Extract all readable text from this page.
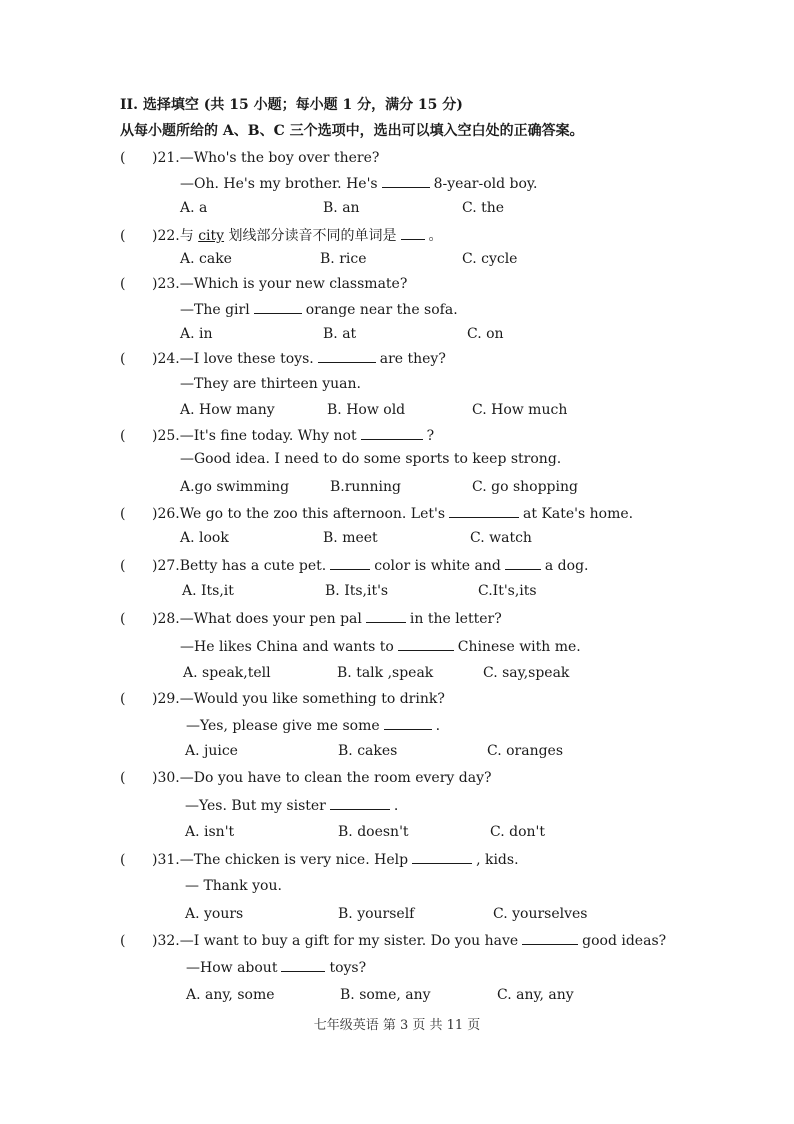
II. 选择填空 (共 15 小题；每小题 1 分，满分 15 分)
从每小题所给的 A、B、C 三个选项中，选出可以填入空白处的正确答案。
( )21.—Who's the boy over there?
—Oh. He's my brother. He's	8-year-old boy.
A. a	B. an	C. the
( )22.与 city 划线部分读音不同的单词是 。
A. cake	B. rice	C. cycle
( )23.—Which is your new classmate?
—The girl	orange near the sofa.
A. in	B. at	C. on
( )24.—I love these toys.	are they?
—They are thirteen yuan.
A. How many	B. How old	C. How much
( )25.—It's fine today. Why not	?
—Good idea. I need to do some sports to keep strong.
A.go swimming	B.running	C. go shopping
( )26.We go to the zoo this afternoon. Let's	at Kate's home.
A. look	B. meet	C. watch
( )27.Betty has a cute pet.	color is white and	a dog.
A. Its,it	B. Its,it's	C.It's,its
( )28.—What does your pen pal	in the letter?
—He likes China and wants to	Chinese with me.
A. speak,tell	B. talk ,speak	C. say,speak
( )29.—Would you like something to drink?
—Yes, please give me some	.
A. juice	B. cakes	C. oranges
( )30.—Do you have to clean the room every day?
—Yes. But my sister	.
A. isn't	B. doesn't	C. don't
( )31.—The chicken is very nice. Help	, kids.
— Thank you.
A. yours	B. yourself	C. yourselves
( )32.—I want to buy a gift for my sister. Do you have	good ideas?
—How about	toys?
A. any, some	B. some, any	C. any, any
七年级英语 第 3 页 共 11 页
